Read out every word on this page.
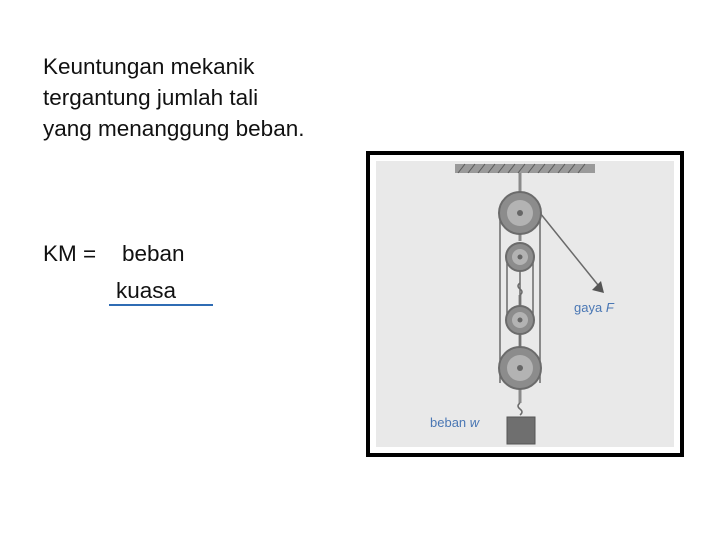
Keuntungan mekanik
tergantung jumlah tali
yang menanggung beban.
KM = beban
kuasa
gaya F
beban w
